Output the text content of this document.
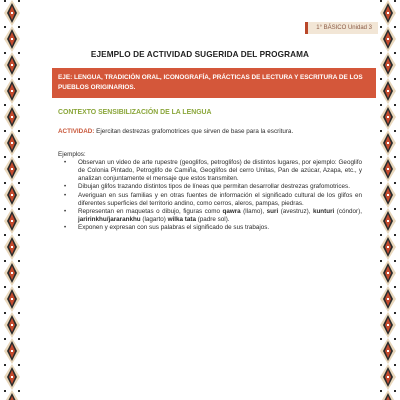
1° BÁSICO Unidad 3
EJEMPLO DE ACTIVIDAD SUGERIDA DEL PROGRAMA
EJE: LENGUA, TRADICIÓN ORAL, ICONOGRAFÍA, PRÁCTICAS DE LECTURA Y ESCRITURA DE LOS PUEBLOS ORIGINARIOS.
CONTEXTO SENSIBILIZACIÓN DE LA LENGUA
ACTIVIDAD: Ejercitan destrezas grafomotrices que sirven de base para la escritura.
Ejemplos:
• Observan un video de arte rupestre (geoglifos, petroglifos) de distintos lugares, por ejemplo: Geoglifo de Colonia Pintado, Petroglifo de Camiña, Geoglifos del cerro Unitas, Pan de azúcar, Azapa, etc., y analizan conjuntamente el mensaje que estos transmiten.
• Dibujan glifos trazando distintos tipos de líneas que permitan desarrollar destrezas grafomotrices.
• Averiguan en sus familias y en otras fuentes de información el significado cultural de los glifos en diferentes superficies del territorio andino, como cerros, aleros, pampas, piedras.
• Representan en maquetas o dibujo, figuras como qawra (llamo), suri (avestruz), kunturi (cóndor), jaririnkhu/jararankhu (lagarto) wilka tata (padre sol).
• Exponen y expresan con sus palabras el significado de sus trabajos.
